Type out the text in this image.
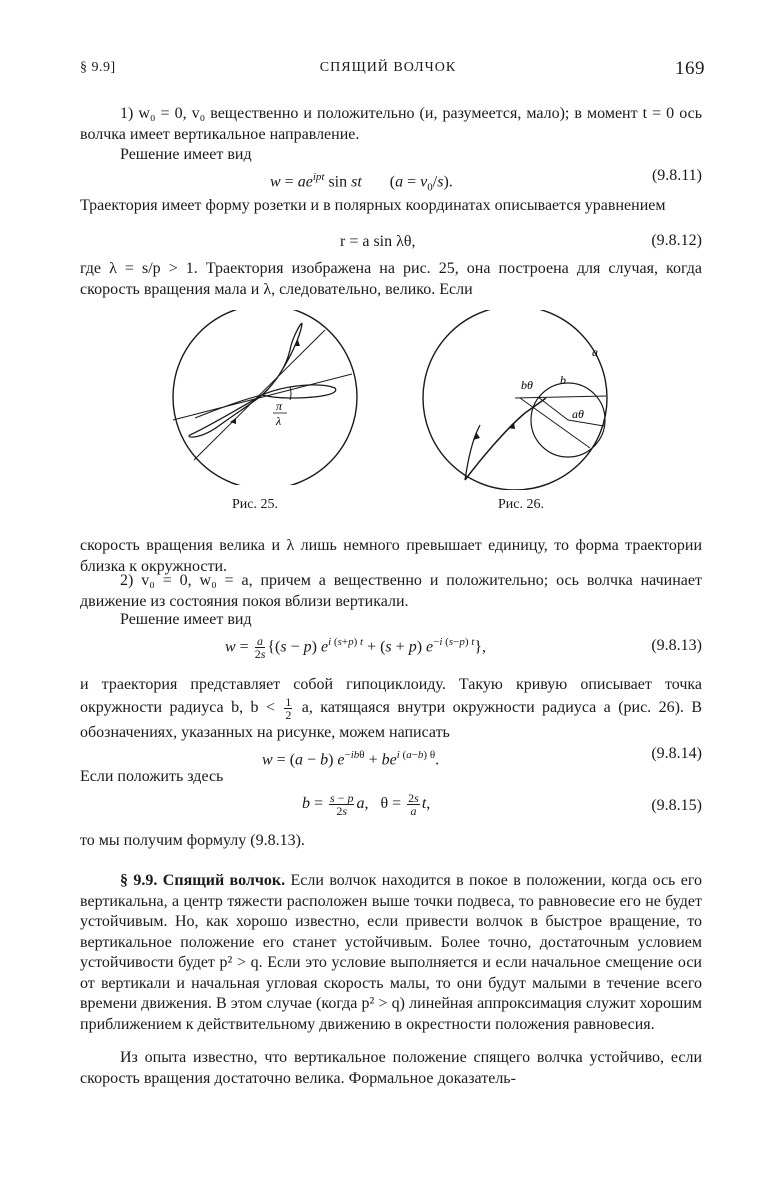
§ 9.9]	СПЯЩИЙ ВОЛЧОК	169
1) w₀ = 0, v₀ вещественно и положительно (и, разумеется, мало); в момент t = 0 ось волчка имеет вертикальное направление.
Решение имеет вид
$w = ae^{ipt}$ sin st       $(a = v_0/s)$.	(9.8.11)
Траектория имеет форму розетки и в полярных координатах описывается уравнением
r = a sin λθ,	(9.8.12)
где λ = s/p > 1. Траектория изображена на рис. 25, она построена для случая, когда скорость вращения мала и λ, следовательно, велико. Если
π
λ
Рис. 25.
a
b
bθ
aθ
Рис. 26.
скорость вращения велика и λ лишь немного превышает единицу, то форма траектории близка к окружности.
2) v₀ = 0, w₀ = a, причем a вещественно и положительно; ось волчка начинает движение из состояния покоя вблизи вертикали.
Решение имеет вид
$w = \frac{a}{2s} \{(s - p) e^{i (s+p) t} + (s + p)$ $e^{-i (s-p) t}$},	(9.8.13)
и траектория представляет собой гипоциклоиду. Такую кривую описывает точка окружности радиуса b, $b < \frac{1}{2} a$, катящаяся внутри окружности радиуса a (рис. 26). В обозначениях, указанных на рисунке, можем написать
w = (a − b) $e^{-ib\theta} + be^{i (a-b) \theta}$.	(9.8.14)
Если положить здесь
$b = \frac{s - p}{2s} a$,   $\theta = \frac{2s}{a} t$,	(9.8.15)
то мы получим формулу (9.8.13).
§ 9.9. Спящий волчок. Если волчок находится в покое в положении, когда ось его вертикальна, а центр тяжести расположен выше точки подвеса, то равновесие его не будет устойчивым. Но, как хорошо известно, если привести волчок в быстрое вращение, то вертикальное положение его станет устойчивым. Более точно, достаточным условием устойчивости будет p² > q. Если это условие выполняется и если начальное смещение оси от вертикали и начальная угловая скорость малы, то они будут малыми в течение всего времени движения. В этом случае (когда p² > q) линейная аппроксимация служит хорошим приближением к действительному движению в окрестности положения равновесия.
Из опыта известно, что вертикальное положение спящего волчка устойчиво, если скорость вращения достаточно велика. Формальное доказатель-
